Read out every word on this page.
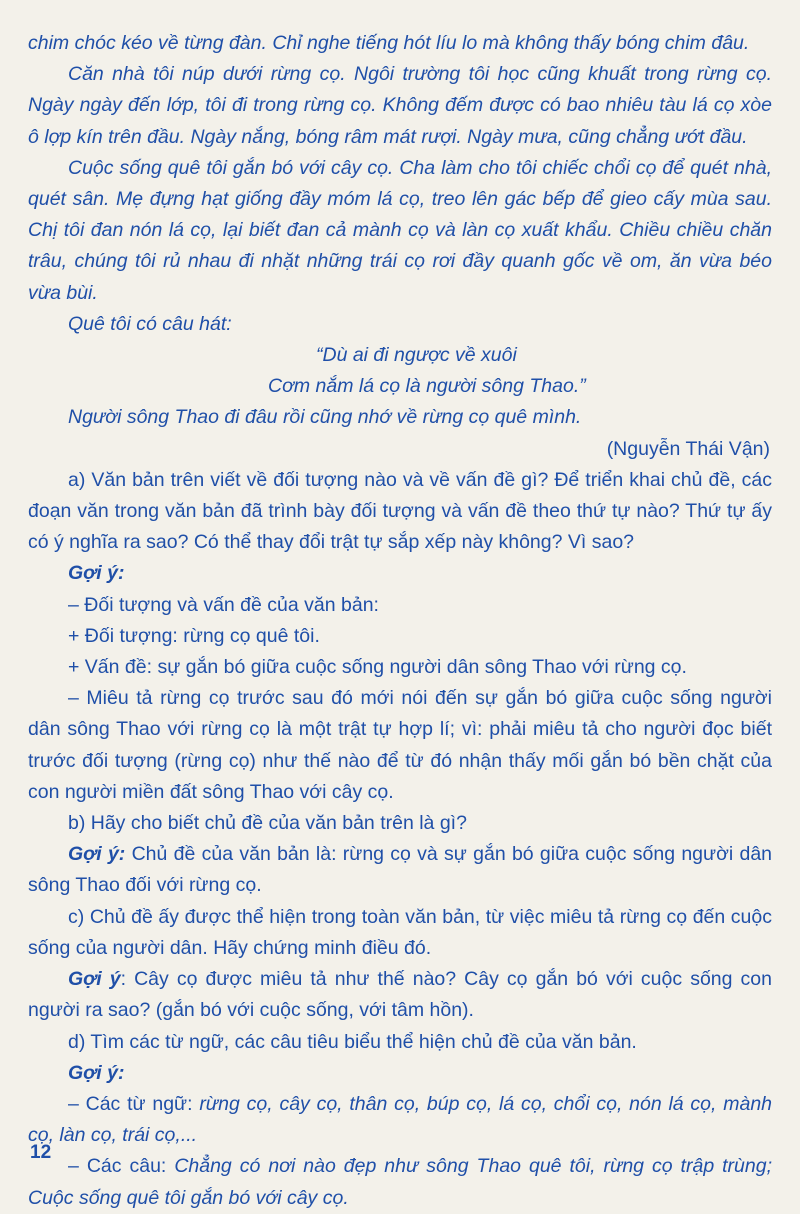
chim chóc kéo về từng đàn. Chỉ nghe tiếng hót líu lo mà không thấy bóng chim đâu.

Căn nhà tôi núp dưới rừng cọ. Ngôi trường tôi học cũng khuất trong rừng cọ. Ngày ngày đến lớp, tôi đi trong rừng cọ. Không đếm được có bao nhiêu tàu lá cọ xòe ô lợp kín trên đầu. Ngày nắng, bóng râm mát rượi. Ngày mưa, cũng chẳng ướt đầu.

Cuộc sống quê tôi gắn bó với cây cọ. Cha làm cho tôi chiếc chổi cọ để quét nhà, quét sân. Mẹ đựng hạt giống đầy móm lá cọ, treo lên gác bếp để gieo cấy mùa sau. Chị tôi đan nón lá cọ, lại biết đan cả mành cọ và làn cọ xuất khẩu. Chiều chiều chăn trâu, chúng tôi rủ nhau đi nhặt những trái cọ rơi đầy quanh gốc về om, ăn vừa béo vừa bùi.

Quê tôi có câu hát:

“Dù ai đi ngược về xuôi

Cơm nắm lá cọ là người sông Thao.”

Người sông Thao đi đâu rồi cũng nhớ về rừng cọ quê mình.

(Nguyễn Thái Vận)

a) Văn bản trên viết về đối tượng nào và về vấn đề gì? Để triển khai chủ đề, các đoạn văn trong văn bản đã trình bày đối tượng và vấn đề theo thứ tự nào? Thứ tự ấy có ý nghĩa ra sao? Có thể thay đổi trật tự sắp xếp này không? Vì sao?

Gợi ý:

– Đối tượng và vấn đề của văn bản:

+ Đối tượng: rừng cọ quê tôi.

+ Vấn đề: sự gắn bó giữa cuộc sống người dân sông Thao với rừng cọ.

– Miêu tả rừng cọ trước sau đó mới nói đến sự gắn bó giữa cuộc sống người dân sông Thao với rừng cọ là một trật tự hợp lí; vì: phải miêu tả cho người đọc biết trước đối tượng (rừng cọ) như thế nào để từ đó nhận thấy mối gắn bó bền chặt của con người miền đất sông Thao với cây cọ.

b) Hãy cho biết chủ đề của văn bản trên là gì?

Gợi ý: Chủ đề của văn bản là: rừng cọ và sự gắn bó giữa cuộc sống người dân sông Thao đối với rừng cọ.

c) Chủ đề ấy được thể hiện trong toàn văn bản, từ việc miêu tả rừng cọ đến cuộc sống của người dân. Hãy chứng minh điều đó.

Gợi ý: Cây cọ được miêu tả như thế nào? Cây cọ gắn bó với cuộc sống con người ra sao? (gắn bó với cuộc sống, với tâm hồn).

d) Tìm các từ ngữ, các câu tiêu biểu thể hiện chủ đề của văn bản.

Gợi ý:

– Các từ ngữ: rừng cọ, cây cọ, thân cọ, búp cọ, lá cọ, chổi cọ, nón lá cọ, mành cọ, làn cọ, trái cọ,...

– Các câu: Chẳng có nơi nào đẹp như sông Thao quê tôi, rừng cọ trập trùng; Cuộc sống quê tôi gắn bó với cây cọ.

12
